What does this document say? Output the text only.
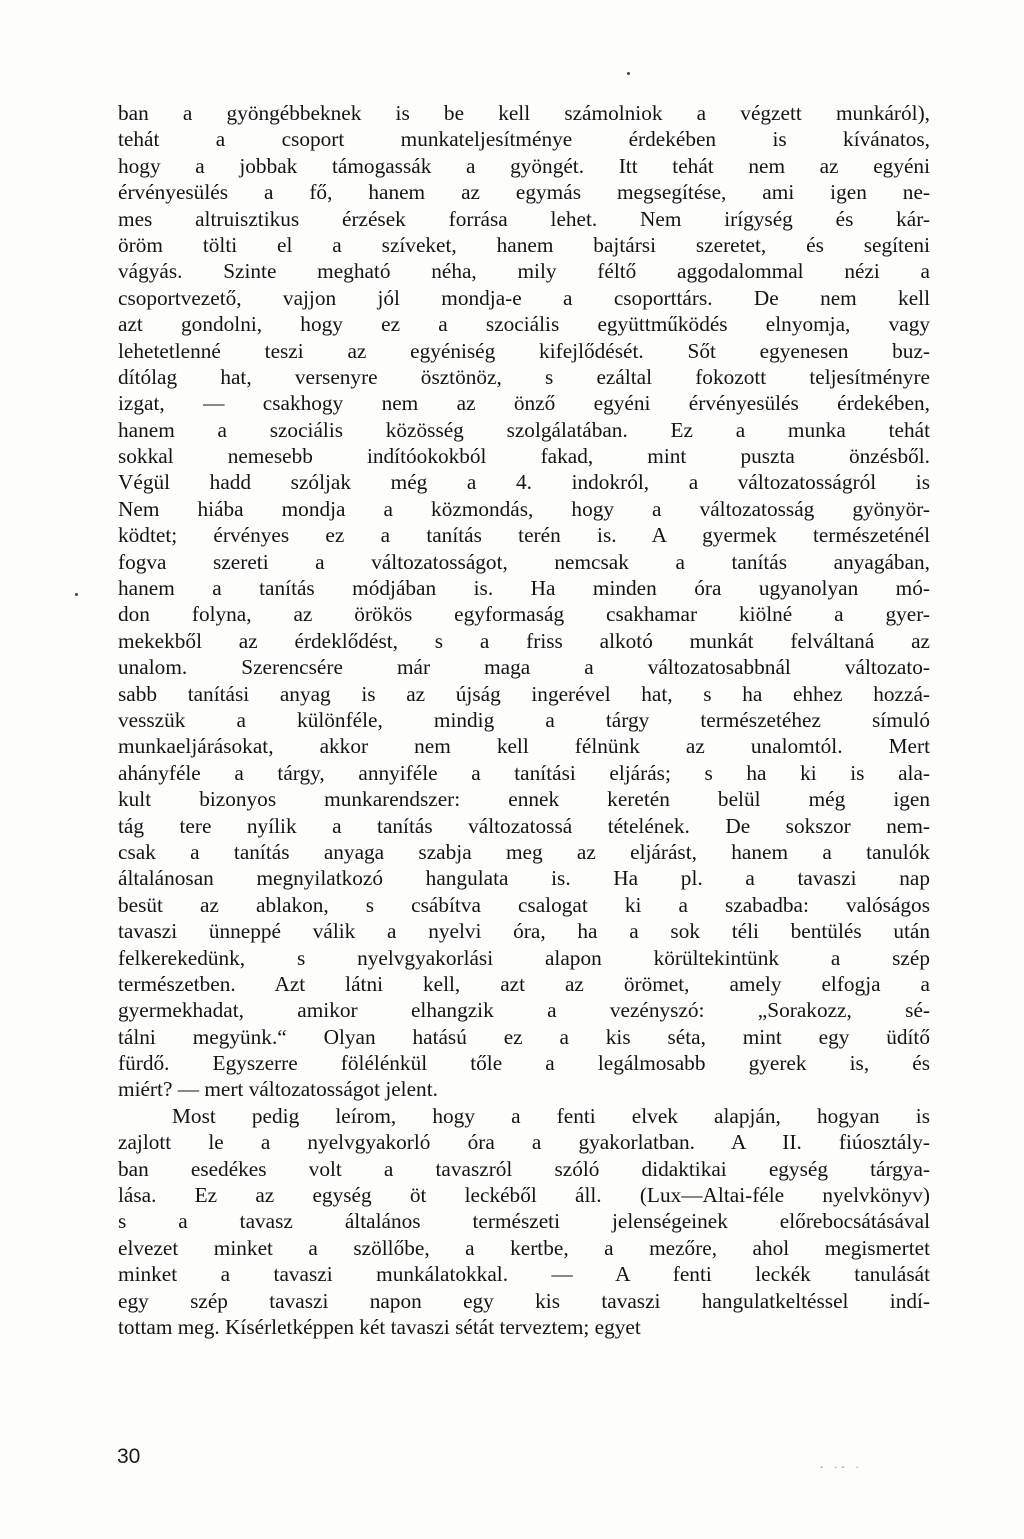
ban a gyöngébbeknek is be kell számolniok a végzett munkáról),
tehát a csoport munkateljesítménye érdekében is kívánatos,
hogy a jobbak támogassák a gyöngét. Itt tehát nem az egyéni
érvényesülés a fő, hanem az egymás megsegítése, ami igen ne-
mes altruisztikus érzések forrása lehet. Nem irígység és kár-
öröm tölti el a szíveket, hanem bajtársi szeretet, és segíteni
vágyás. Szinte megható néha, mily féltő aggodalommal nézi a
csoportvezető, vajjon jól mondja-e a csoporttárs. De nem kell
azt gondolni, hogy ez a szociális együttműködés elnyomja, vagy
lehetetlenné teszi az egyéniség kifejlődését. Sőt egyenesen buz-
dítólag hat, versenyre ösztönöz, s ezáltal fokozott teljesítményre
izgat, — csakhogy nem az önző egyéni érvényesülés érdekében,
hanem a szociális közösség szolgálatában. Ez a munka tehát
sokkal nemesebb indítóokokból fakad, mint puszta önzésből.
Végül hadd szóljak még a 4. indokról, a változatosságról is
Nem hiába mondja a közmondás, hogy a változatosság gyönyör-
ködtet; érvényes ez a tanítás terén is. A gyermek természeténél
fogva szereti a változatosságot, nemcsak a tanítás anyagában,
hanem a tanítás módjában is. Ha minden óra ugyanolyan mó-
don folyna, az örökös egyformaság csakhamar kiölné a gyer-
mekekből az érdeklődést, s a friss alkotó munkát felváltaná az
unalom. Szerencsére már maga a változatosabbnál változato-
sabb tanítási anyag is az újság ingerével hat, s ha ehhez hozzá-
vesszük a különféle, mindig a tárgy természetéhez símuló
munkaeljárásokat, akkor nem kell félnünk az unalomtól. Mert
ahányféle a tárgy, annyiféle a tanítási eljárás; s ha ki is ala-
kult bizonyos munkarendszer: ennek keretén belül még igen
tág tere nyílik a tanítás változatossá tételének. De sokszor nem-
csak a tanítás anyaga szabja meg az eljárást, hanem a tanulók
általánosan megnyilatkozó hangulata is. Ha pl. a tavaszi nap
besüt az ablakon, s csábítva csalogat ki a szabadba: valóságos
tavaszi ünneppé válik a nyelvi óra, ha a sok téli bentülés után
felkerekedünk, s nyelvgyakorlási alapon körültekintünk a szép
természetben. Azt látni kell, azt az örömet, amely elfogja a
gyermekhadat, amikor elhangzik a vezényszó: „Sorakozz, sé-
tálni megyünk.“ Olyan hatású ez a kis séta, mint egy üdítő
fürdő. Egyszerre fölélénkül tőle a legálmosabb gyerek is, és
miért? — mert változatosságot jelent.
Most pedig leírom, hogy a fenti elvek alapján, hogyan is
zajlott le a nyelvgyakorló óra a gyakorlatban. A II. fiúosztály-
ban esedékes volt a tavaszról szóló didaktikai egység tárgya-
lása. Ez az egység öt leckéből áll. (Lux—Altai-féle nyelvkönyv)
s a tavasz általános természeti jelenségeinek előrebocsátásával
elvezet minket a szöllőbe, a kertbe, a mezőre, ahol megismertet
minket a tavaszi munkálatokkal. — A fenti leckék tanulását
egy szép tavaszi napon egy kis tavaszi hangulatkeltéssel indí-
tottam meg. Kísérletképpen két tavaszi sétát terveztem; egyet
30	‐ ·‐ ·
